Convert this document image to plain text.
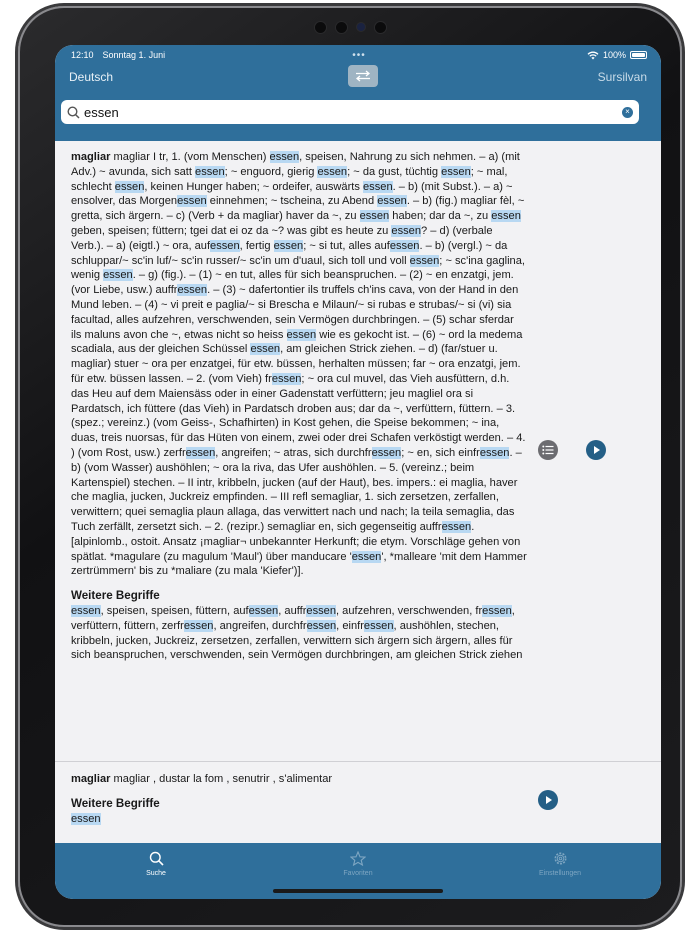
12:10 Sonntag 1. Juni	•••	100%
Deutsch	Sursilvan
essen
×
magliar magliar I tr, 1. (vom Menschen) essen, speisen, Nahrung zu sich nehmen. – a) (mit Adv.) ~ avunda, sich satt essen; ~ enguord, gierig essen; ~ da gust, tüchtig essen; ~ mal, schlecht essen, keinen Hunger haben; ~ ordeifer, auswärts essen. – b) (mit Subst.). – a) ~ ensolver, das Morgenessen einnehmen; ~ tscheina, zu Abend essen. – b) (fig.) magliar fèl, ~ gretta, sich ärgern. – c) (Verb + da magliar) haver da ~, zu essen haben; dar da ~, zu essen geben, speisen; füttern; tgei dat ei oz da ~? was gibt es heute zu essen? – d) (verbale Verb.). – a) (eigtl.) ~ ora, aufessen, fertig essen; ~ si tut, alles aufessen. – b) (vergl.) ~ da schluppar/~ sc'in luf/~ sc'in russer/~ sc'in um d'uaul, sich toll und voll essen; ~ sc'ina gaglina, wenig essen. – g) (fig.). – (1) ~ en tut, alles für sich beanspruchen. – (2) ~ en enzatgi, jem. (vor Liebe, usw.) auffressen. – (3) ~ dafertontier ils truffels ch'ins cava, von der Hand in den Mund leben. – (4) ~ vi preit e paglia/~ si Brescha e Milaun/~ si rubas e strubas/~ si (vi) sia facultad, alles aufzehren, verschwenden, sein Vermögen durchbringen. – (5) schar sferdar ils maluns avon che ~, etwas nicht so heiss essen wie es gekocht ist. – (6) ~ ord la medema scadiala, aus der gleichen Schüssel essen, am gleichen Strick ziehen. – d) (far/stuer u. magliar) stuer ~ ora per enzatgei, für etw. büssen, herhalten müssen; far ~ ora enzatgi, jem. für etw. büssen lassen. – 2. (vom Vieh) fressen; ~ ora cul muvel, das Vieh ausfüttern, d.h. das Heu auf dem Maiensäss oder in einer Gadenstatt verfüttern; jeu magliel ora si Pardatsch, ich füttere (das Vieh) in Pardatsch droben aus; dar da ~, verfüttern, füttern. – 3. (spez.; vereinz.) (vom Geiss-, Schafhirten) in Kost gehen, die Speise bekommen; ~ ina, duas, treis nuorsas, für das Hüten von einem, zwei oder drei Schafen verköstigt werden. – 4. ) (vom Rost, usw.) zerfressen, angreifen; ~ atras, sich durchfressen; ~ en, sich einfressen. – b) (vom Wasser) aushöhlen; ~ ora la riva, das Ufer aushöhlen. – 5. (vereinz.; beim Kartenspiel) stechen. – II intr, kribbeln, jucken (auf der Haut), bes. impers.: ei maglia, haver che maglia, jucken, Juckreiz empfinden. – III refl semagliar, 1. sich zersetzen, zerfallen, verwittern; quei semaglia plaun allaga, das verwittert nach und nach; la teila semaglia, das Tuch zerfällt, zersetzt sich. – 2. (rezipr.) semagliar en, sich gegenseitig auffressen.
[alpinlomb., ostoit. Ansatz ¡magliar¬ unbekannter Herkunft; die etym. Vorschläge gehen von spätlat. *magulare (zu magulum 'Maul') über manducare 'essen', *malleare 'mit dem Hammer zertrümmern' bis zu *maliare (zu mala 'Kiefer')].
Weitere Begriffe
essen, speisen, speisen, füttern, aufessen, auffressen, aufzehren, verschwenden, fressen, verfüttern, füttern, zerfressen, angreifen, durchfressen, einfressen, aushöhlen, stechen, kribbeln, jucken, Juckreiz, zersetzen, zerfallen, verwittern sich ärgern sich ärgern, alles für sich beanspruchen, verschwenden, sein Vermögen durchbringen, am gleichen Strick ziehen
magliar magliar , dustar la fom , senutrir , s'alimentar
Weitere Begriffe
essen
Suche	Favoriten	Einstellungen
